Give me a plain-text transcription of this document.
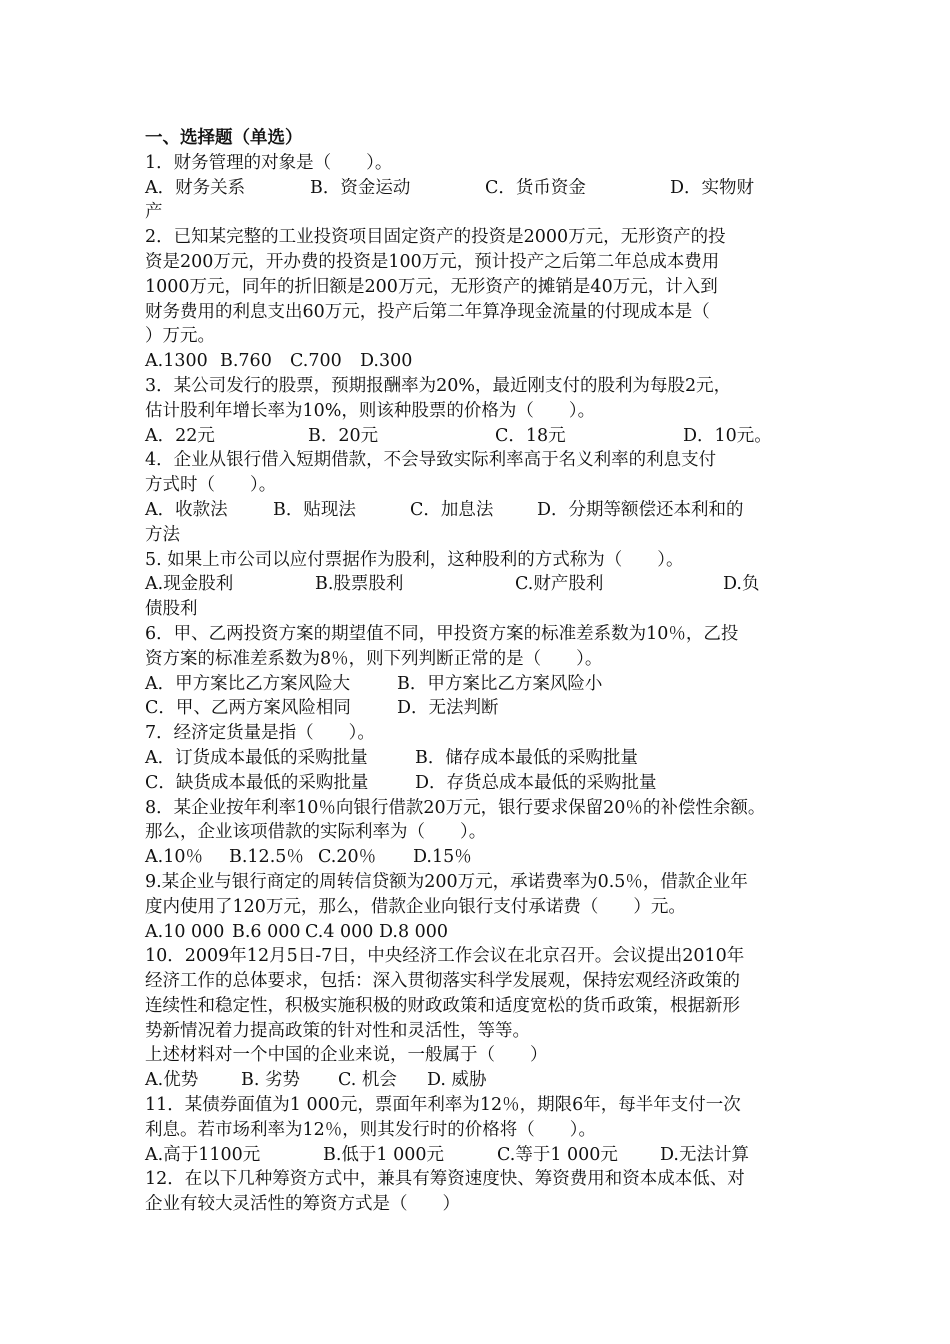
一、选择题（单选）
1．财务管理的对象是（　　）。
A．财务关系	B．资金运动	C．货币资金	D．实物财
产
2．已知某完整的工业投资项目固定资产的投资是2000万元，无形资产的投
资是200万元，开办费的投资是100万元，预计投产之后第二年总成本费用
1000万元，同年的折旧额是200万元，无形资产的摊销是40万元，计入到
财务费用的利息支出60万元，投产后第二年算净现金流量的付现成本是（
）万元。
A.1300 B.760 C.700 D.300
3．某公司发行的股票，预期报酬率为20%，最近刚支付的股利为每股2元，
估计股利年增长率为10%，则该种股票的价格为（　　）。
A．22元	B．20元	C．18元	D．10元。
4．企业从银行借入短期借款，不会导致实际利率高于名义利率的利息支付
方式时（　　）。
A．收款法	B．贴现法	C．加息法 D．分期等额偿还本利和的
方法
5. 如果上市公司以应付票据作为股利，这种股利的方式称为（　　）。
A.现金股利	B.股票股利	C.财产股利	D.负
债股利
6．甲、乙两投资方案的期望值不同，甲投资方案的标准差系数为10％，乙投
资方案的标准差系数为8％，则下列判断正常的是（　　）。
A．甲方案比乙方案风险大	B．甲方案比乙方案风险小
C．甲、乙两方案风险相同	D．无法判断
7．经济定货量是指（　　）。
A．订货成本最低的采购批量	B．储存成本最低的采购批量
C．缺货成本最低的采购批量	D．存货总成本最低的采购批量
8．某企业按年利率10％向银行借款20万元，银行要求保留20％的补偿性余额。
那么，企业该项借款的实际利率为（　　）。
A.10％ B.12.5％ C.20％ D.15％
9.某企业与银行商定的周转信贷额为200万元，承诺费率为0.5％，借款企业年
度内使用了120万元，那么，借款企业向银行支付承诺费（　　）元。
A.10 000 B.6 000 C.4 000 D.8 000
10．2009年12月5日-7日，中央经济工作会议在北京召开。会议提出2010年
经济工作的总体要求，包括：深入贯彻落实科学发展观，保持宏观经济政策的
连续性和稳定性，积极实施积极的财政政策和适度宽松的货币政策，根据新形
势新情况着力提高政策的针对性和灵活性，等等。
上述材料对一个中国的企业来说，一般属于（　　）
A.优势 B. 劣势 C. 机会 D. 威胁
11．某债券面值为1 000元，票面年利率为12％，期限6年，每半年支付一次
利息。若市场利率为12％，则其发行时的价格将（　　）。
A.高于1100元	B.低于1 000元	C.等于1 000元 D.无法计算
12．在以下几种筹资方式中，兼具有筹资速度快、筹资费用和资本成本低、对
企业有较大灵活性的筹资方式是（　　）
